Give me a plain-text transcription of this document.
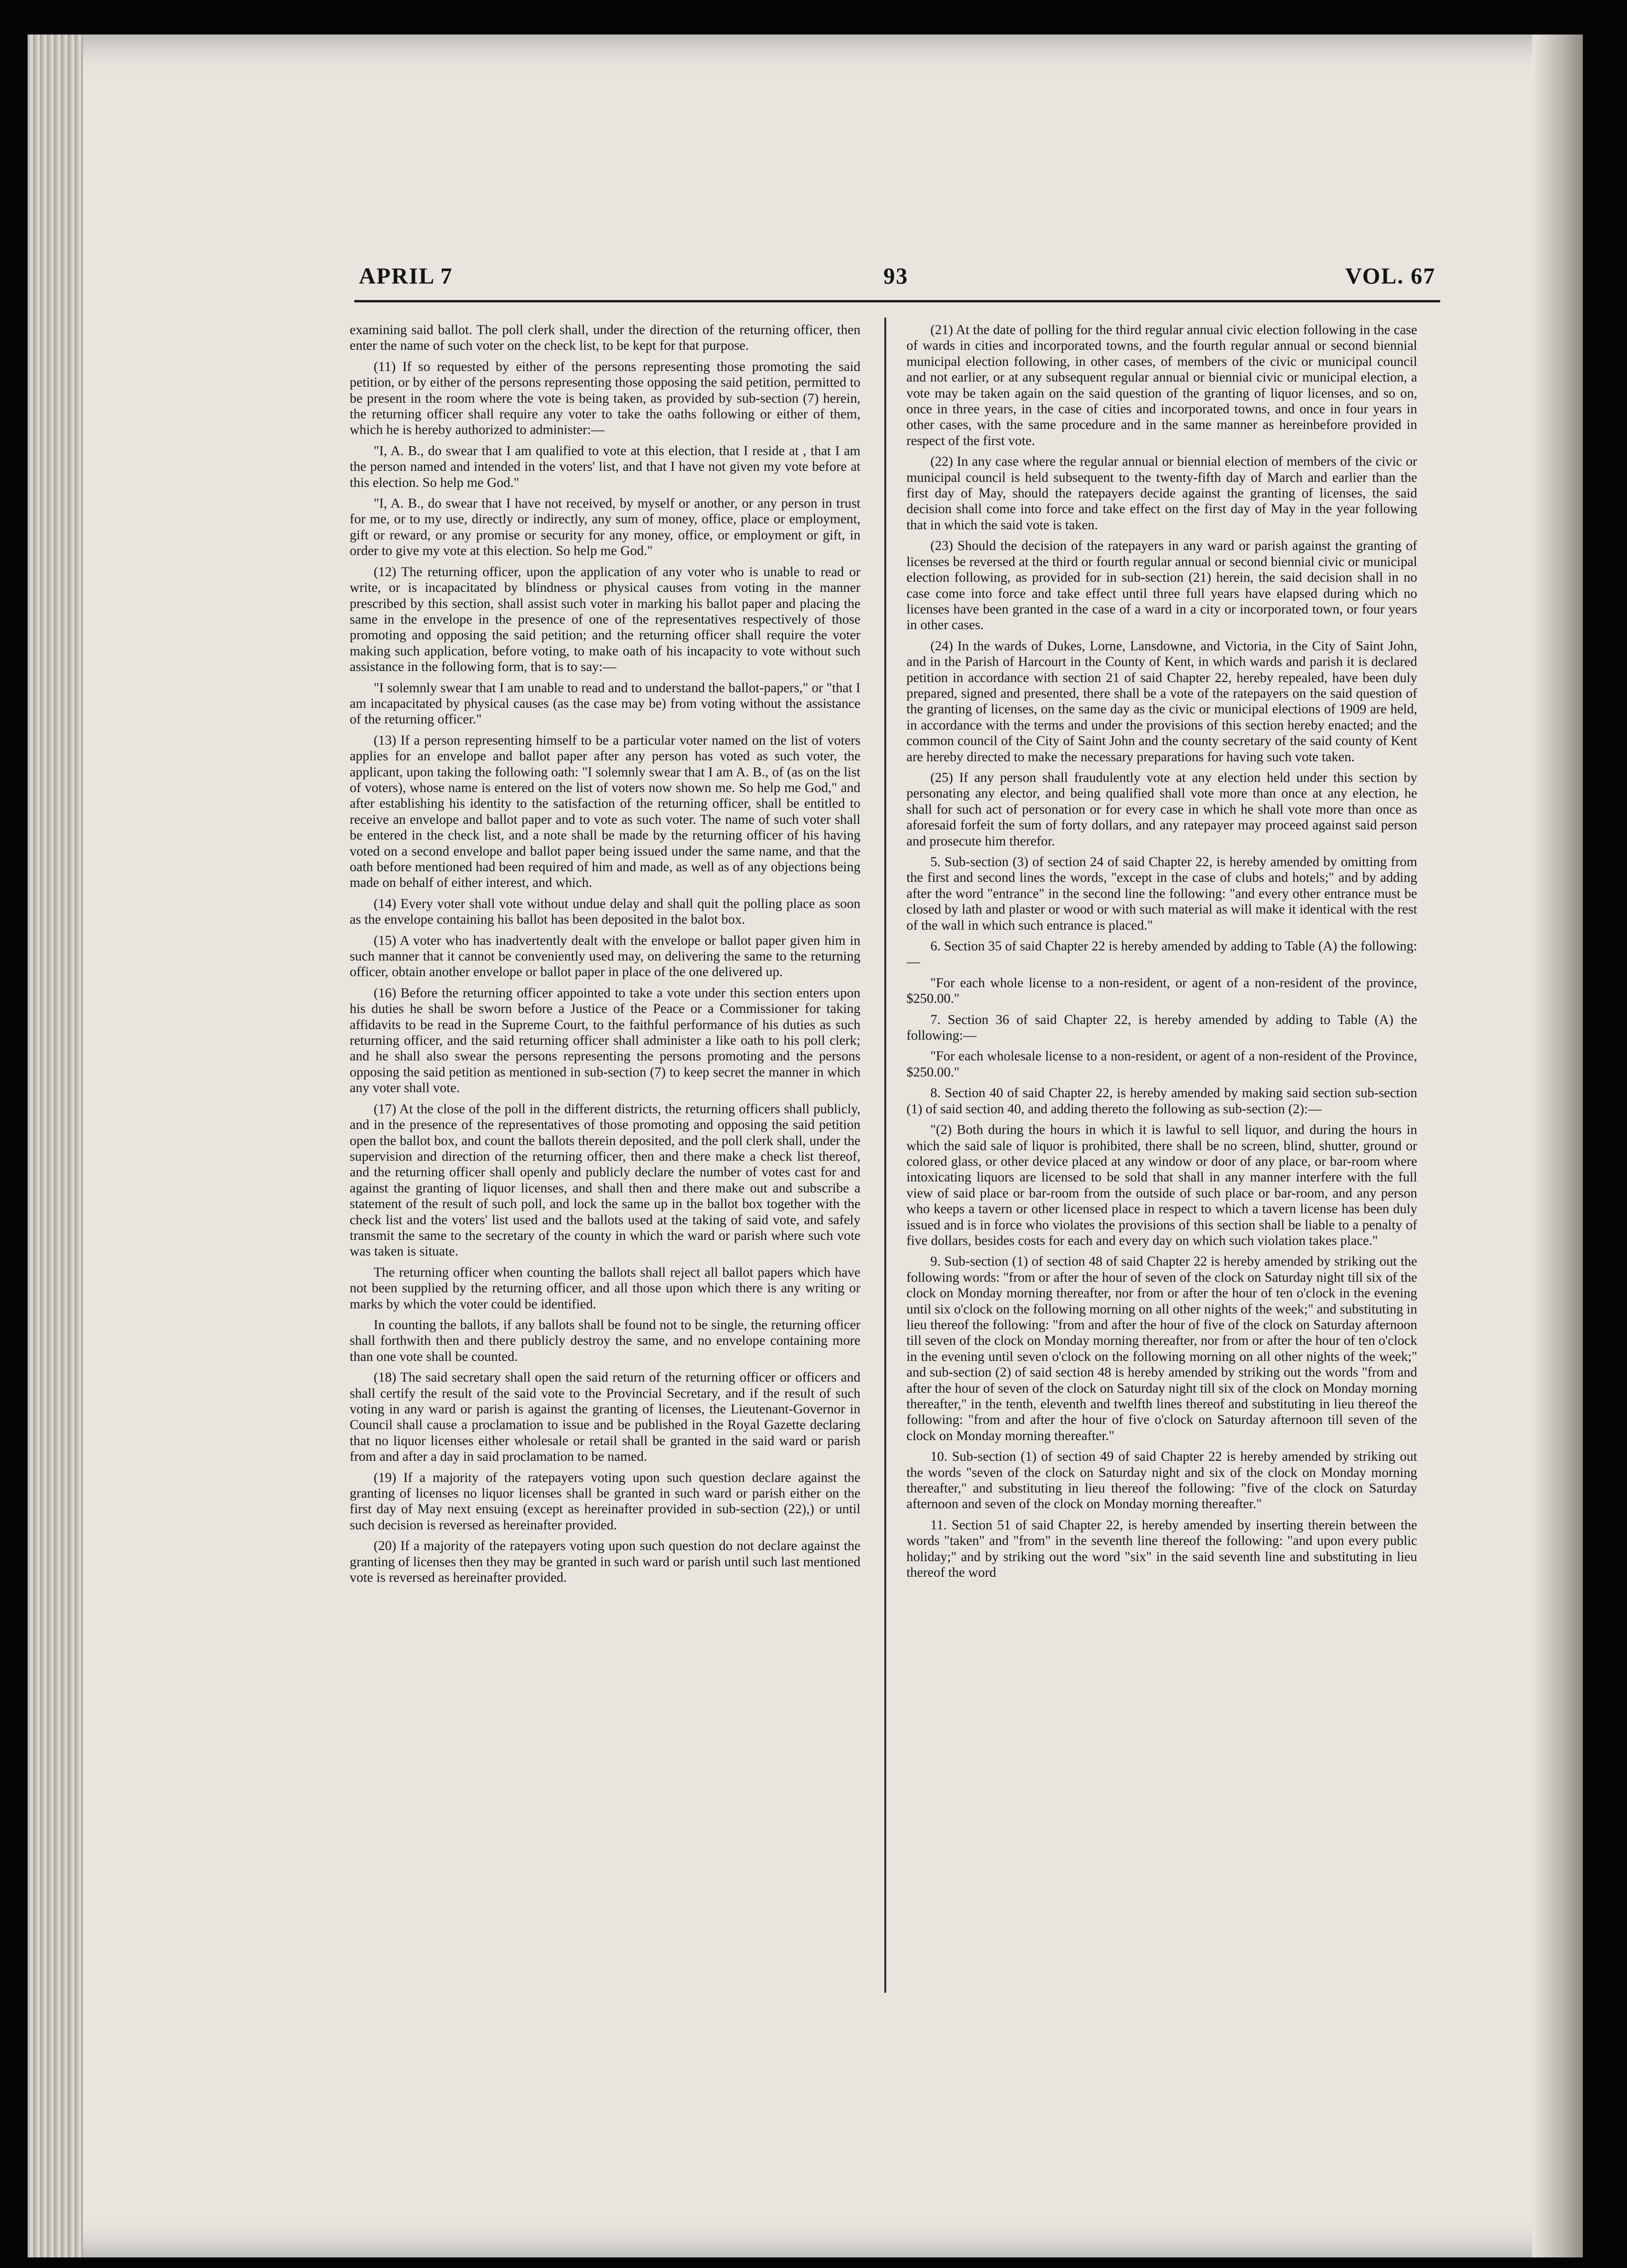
APRIL 7	93	VOL. 67

examining said ballot. The poll clerk shall, under the direction of the returning officer, then enter the name of such voter on the check list, to be kept for that purpose.

(11) If so requested by either of the persons representing those promoting the said petition, or by either of the persons representing those opposing the said petition, permitted to be present in the room where the vote is being taken, as provided by sub-section (7) herein, the returning officer shall require any voter to take the oaths following or either of them, which he is hereby authorized to administer:—

"I, A. B., do swear that I am qualified to vote at this election, that I reside at , that I am the person named and intended in the voters' list, and that I have not given my vote before at this election. So help me God."

"I, A. B., do swear that I have not received, by myself or another, or any person in trust for me, or to my use, directly or indirectly, any sum of money, office, place or employment, gift or reward, or any promise or security for any money, office, or employment or gift, in order to give my vote at this election. So help me God."

(12) The returning officer, upon the application of any voter who is unable to read or write, or is incapacitated by blindness or physical causes from voting in the manner prescribed by this section, shall assist such voter in marking his ballot paper and placing the same in the envelope in the presence of one of the representatives respectively of those promoting and opposing the said petition; and the returning officer shall require the voter making such application, before voting, to make oath of his incapacity to vote without such assistance in the following form, that is to say:—

"I solemnly swear that I am unable to read and to understand the ballot-papers," or "that I am incapacitated by physical causes (as the case may be) from voting without the assistance of the returning officer."

(13) If a person representing himself to be a particular voter named on the list of voters applies for an envelope and ballot paper after any person has voted as such voter, the applicant, upon taking the following oath: "I solemnly swear that I am A. B., of (as on the list of voters), whose name is entered on the list of voters now shown me. So help me God," and after establishing his identity to the satisfaction of the returning officer, shall be entitled to receive an envelope and ballot paper and to vote as such voter. The name of such voter shall be entered in the check list, and a note shall be made by the returning officer of his having voted on a second envelope and ballot paper being issued under the same name, and that the oath before mentioned had been required of him and made, as well as of any objections being made on behalf of either interest, and which.

(14) Every voter shall vote without undue delay and shall quit the polling place as soon as the envelope containing his ballot has been deposited in the balot box.

(15) A voter who has inadvertently dealt with the envelope or ballot paper given him in such manner that it cannot be conveniently used may, on delivering the same to the returning officer, obtain another envelope or ballot paper in place of the one delivered up.

(16) Before the returning officer appointed to take a vote under this section enters upon his duties he shall be sworn before a Justice of the Peace or a Commissioner for taking affidavits to be read in the Supreme Court, to the faithful performance of his duties as such returning officer, and the said returning officer shall administer a like oath to his poll clerk; and he shall also swear the persons representing the persons promoting and the persons opposing the said petition as mentioned in sub-section (7) to keep secret the manner in which any voter shall vote.

(17) At the close of the poll in the different districts, the returning officers shall publicly, and in the presence of the representatives of those promoting and opposing the said petition open the ballot box, and count the ballots therein deposited, and the poll clerk shall, under the supervision and direction of the returning officer, then and there make a check list thereof, and the returning officer shall openly and publicly declare the number of votes cast for and against the granting of liquor licenses, and shall then and there make out and subscribe a statement of the result of such poll, and lock the same up in the ballot box together with the check list and the voters' list used and the ballots used at the taking of said vote, and safely transmit the same to the secretary of the county in which the ward or parish where such vote was taken is situate.

The returning officer when counting the ballots shall reject all ballot papers which have not been supplied by the returning officer, and all those upon which there is any writing or marks by which the voter could be identified.

In counting the ballots, if any ballots shall be found not to be single, the returning officer shall forthwith then and there publicly destroy the same, and no envelope containing more than one vote shall be counted.

(18) The said secretary shall open the said return of the returning officer or officers and shall certify the result of the said vote to the Provincial Secretary, and if the result of such voting in any ward or parish is against the granting of licenses, the Lieutenant-Governor in Council shall cause a proclamation to issue and be published in the Royal Gazette declaring that no liquor licenses either wholesale or retail shall be granted in the said ward or parish from and after a day in said proclamation to be named.

(19) If a majority of the ratepayers voting upon such question declare against the granting of licenses no liquor licenses shall be granted in such ward or parish either on the first day of May next ensuing (except as hereinafter provided in sub-section (22),) or until such decision is reversed as hereinafter provided.

(20) If a majority of the ratepayers voting upon such question do not declare against the granting of licenses then they may be granted in such ward or parish until such last mentioned vote is reversed as hereinafter provided.

(21) At the date of polling for the third regular annual civic election following in the case of wards in cities and incorporated towns, and the fourth regular annual or second biennial municipal election following, in other cases, of members of the civic or municipal council and not earlier, or at any subsequent regular annual or biennial civic or municipal election, a vote may be taken again on the said question of the granting of liquor licenses, and so on, once in three years, in the case of cities and incorporated towns, and once in four years in other cases, with the same procedure and in the same manner as hereinbefore provided in respect of the first vote.

(22) In any case where the regular annual or biennial election of members of the civic or municipal council is held subsequent to the twenty-fifth day of March and earlier than the first day of May, should the ratepayers decide against the granting of licenses, the said decision shall come into force and take effect on the first day of May in the year following that in which the said vote is taken.

(23) Should the decision of the ratepayers in any ward or parish against the granting of licenses be reversed at the third or fourth regular annual or second biennial civic or municipal election following, as provided for in sub-section (21) herein, the said decision shall in no case come into force and take effect until three full years have elapsed during which no licenses have been granted in the case of a ward in a city or incorporated town, or four years in other cases.

(24) In the wards of Dukes, Lorne, Lansdowne, and Victoria, in the City of Saint John, and in the Parish of Harcourt in the County of Kent, in which wards and parish it is declared petition in accordance with section 21 of said Chapter 22, hereby repealed, have been duly prepared, signed and presented, there shall be a vote of the ratepayers on the said question of the granting of licenses, on the same day as the civic or municipal elections of 1909 are held, in accordance with the terms and under the provisions of this section hereby enacted; and the common council of the City of Saint John and the county secretary of the said county of Kent are hereby directed to make the necessary preparations for having such vote taken.

(25) If any person shall fraudulently vote at any election held under this section by personating any elector, and being qualified shall vote more than once at any election, he shall for such act of personation or for every case in which he shall vote more than once as aforesaid forfeit the sum of forty dollars, and any ratepayer may proceed against said person and prosecute him therefor.

5. Sub-section (3) of section 24 of said Chapter 22, is hereby amended by omitting from the first and second lines the words, "except in the case of clubs and hotels;" and by adding after the word "entrance" in the second line the following: "and every other entrance must be closed by lath and plaster or wood or with such material as will make it identical with the rest of the wall in which such entrance is placed."

6. Section 35 of said Chapter 22 is hereby amended by adding to Table (A) the following:—

"For each whole license to a non-resident, or agent of a non-resident of the province, $250.00."

7. Section 36 of said Chapter 22, is hereby amended by adding to Table (A) the following:—

"For each wholesale license to a non-resident, or agent of a non-resident of the Province, $250.00."

8. Section 40 of said Chapter 22, is hereby amended by making said section sub-section (1) of said section 40, and adding thereto the following as sub-section (2):—

"(2) Both during the hours in which it is lawful to sell liquor, and during the hours in which the said sale of liquor is prohibited, there shall be no screen, blind, shutter, ground or colored glass, or other device placed at any window or door of any place, or bar-room where intoxicating liquors are licensed to be sold that shall in any manner interfere with the full view of said place or bar-room from the outside of such place or bar-room, and any person who keeps a tavern or other licensed place in respect to which a tavern license has been duly issued and is in force who violates the provisions of this section shall be liable to a penalty of five dollars, besides costs for each and every day on which such violation takes place."

9. Sub-section (1) of section 48 of said Chapter 22 is hereby amended by striking out the following words: "from or after the hour of seven of the clock on Saturday night till six of the clock on Monday morning thereafter, nor from or after the hour of ten o'clock in the evening until six o'clock on the following morning on all other nights of the week;" and substituting in lieu thereof the following: "from and after the hour of five of the clock on Saturday afternoon till seven of the clock on Monday morning thereafter, nor from or after the hour of ten o'clock in the evening until seven o'clock on the following morning on all other nights of the week;" and sub-section (2) of said section 48 is hereby amended by striking out the words "from and after the hour of seven of the clock on Saturday night till six of the clock on Monday morning thereafter," in the tenth, eleventh and twelfth lines thereof and substituting in lieu thereof the following: "from and after the hour of five o'clock on Saturday afternoon till seven of the clock on Monday morning thereafter."

10. Sub-section (1) of section 49 of said Chapter 22 is hereby amended by striking out the words "seven of the clock on Saturday night and six of the clock on Monday morning thereafter," and substituting in lieu thereof the following: "five of the clock on Saturday afternoon and seven of the clock on Monday morning thereafter."

11. Section 51 of said Chapter 22, is hereby amended by inserting therein between the words "taken" and "from" in the seventh line thereof the following: "and upon every public holiday;" and by striking out the word "six" in the said seventh line and substituting in lieu thereof the word
